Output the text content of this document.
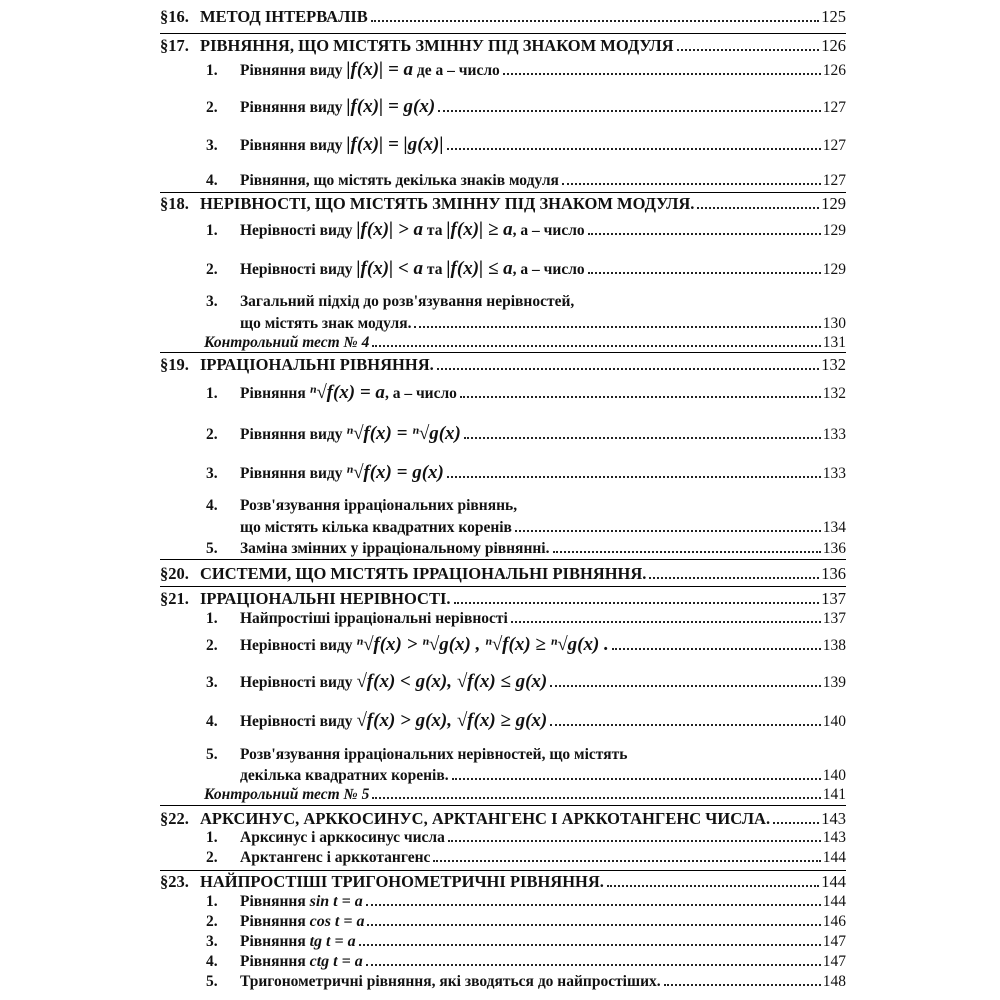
§16. МЕТОД ІНТЕРВАЛІВ	125
§17. РІВНЯННЯ, ЩО МІСТЯТЬ ЗМІННУ ПІД ЗНАКОМ МОДУЛЯ	126
1.	Рівняння виду |f(x)| = a де a – число	126
2.	Рівняння виду |f(x)| = g(x)	127
3.	Рівняння виду |f(x)| = |g(x)|	127
4.	Рівняння, що містять декілька знаків модуля	127
§18. НЕРІВНОСТІ, ЩО МІСТЯТЬ ЗМІННУ ПІД ЗНАКОМ МОДУЛЯ.	129
1.	Нерівності виду |f(x)| > a та |f(x)| ≥ a, a – число	129
2.	Нерівності виду |f(x)| < a та |f(x)| ≤ a, a – число	129
3.	Загальний підхід до розв'язування нерівностей,
що містять знак модуля.	130
Контрольний тест № 4	131
§19. ІРРАЦІОНАЛЬНІ РІВНЯННЯ.	132
1.	Рівняння ⁿ√f(x) = a, a – число	132
2.	Рівняння виду ⁿ√f(x) = ⁿ√g(x)	133
3.	Рівняння виду ⁿ√f(x) = g(x)	133
4.	Розв'язування ірраціональних рівнянь,
що містять кілька квадратних коренів	134
5.	Заміна змінних у ірраціональному рівнянні.	136
§20. СИСТЕМИ, ЩО МІСТЯТЬ ІРРАЦІОНАЛЬНІ РІВНЯННЯ.	136
§21. ІРРАЦІОНАЛЬНІ НЕРІВНОСТІ.	137
1.	Найпростіші ірраціональні нерівності	137
2.	Нерівності виду ⁿ√f(x) > ⁿ√g(x) , ⁿ√f(x) ≥ ⁿ√g(x) .	138
3.	Нерівності виду √f(x) < g(x), √f(x) ≤ g(x)	139
4.	Нерівності виду √f(x) > g(x), √f(x) ≥ g(x)	140
5.	Розв'язування ірраціональних нерівностей, що містять
декілька квадратних коренів.	140
Контрольний тест № 5	141
§22. АРКСИНУС, АРККОСИНУС, АРКТАНГЕНС І АРККОТАНГЕНС ЧИСЛА.	143
1.	Арксинус і арккосинус числа	143
2.	Арктангенс і арккотангенс	144
§23. НАЙПРОСТІШІ ТРИГОНОМЕТРИЧНІ РІВНЯННЯ.	144
1.	Рівняння sin t = a	144
2.	Рівняння cos t = a	146
3.	Рівняння tg t = a	147
4.	Рівняння ctg t = a	147
5.	Тригонометричні рівняння, які зводяться до найпростіших.	148
